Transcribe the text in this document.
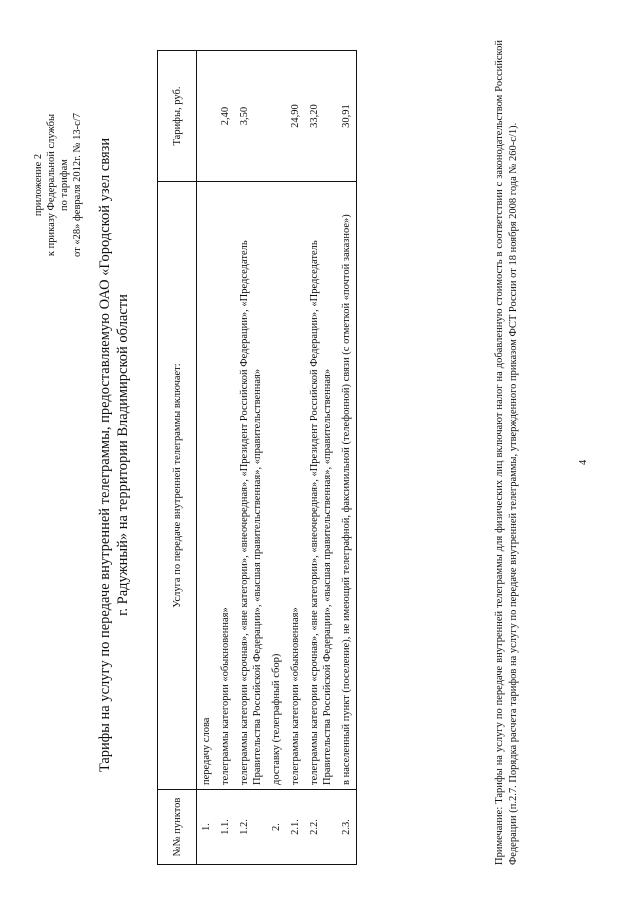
приложение 2 к приказу Федеральной службы по тарифам от «28» февраля 2012г. № 13-с/7 Тарифы на услугу по передаче внутренней телеграммы, предоставляемую ОАО «Городской узел связи г. Радужный» на территории Владимирской области
№№ пунктов	Услуга по передаче внутренней телеграммы включает:	Тарифы, руб.
1.	передачу слова	
1.1.	телеграммы категории «обыкновенная»	2,40
1.2.	телеграммы категории «срочная», «вне категории», «внеочередная», «Президент Российской Федерации», «Председатель Правительства Российской Федерации», «высшая правительственная», «правительственная»	3,50
2.	доставку (телеграфный сбор)	
2.1.	телеграммы категории «обыкновенная»	24,90
2.2.	телеграммы категории «срочная», «вне категории», «внеочередная», «Президент Российской Федерации», «Председатель Правительства Российской Федерации», «высшая правительственная», «правительственная»	33,20
2.3.	в населенный пункт (поселение), не имеющий телеграфной, факсимильной (телефонной) связи (с отметкой «почтой заказное»)	30,91	Примечание: Тарифы на услугу по передаче внутренней телеграммы для физических лиц включают налог на добавленную стоимость в соответствии с законодательством Российской Федерации (п.2.7. Порядка расчета тарифов на услугу по передаче внутренней телеграммы, утвержденного приказом ФСТ России от 18 ноября 2008 года № 260-с/1).	4
